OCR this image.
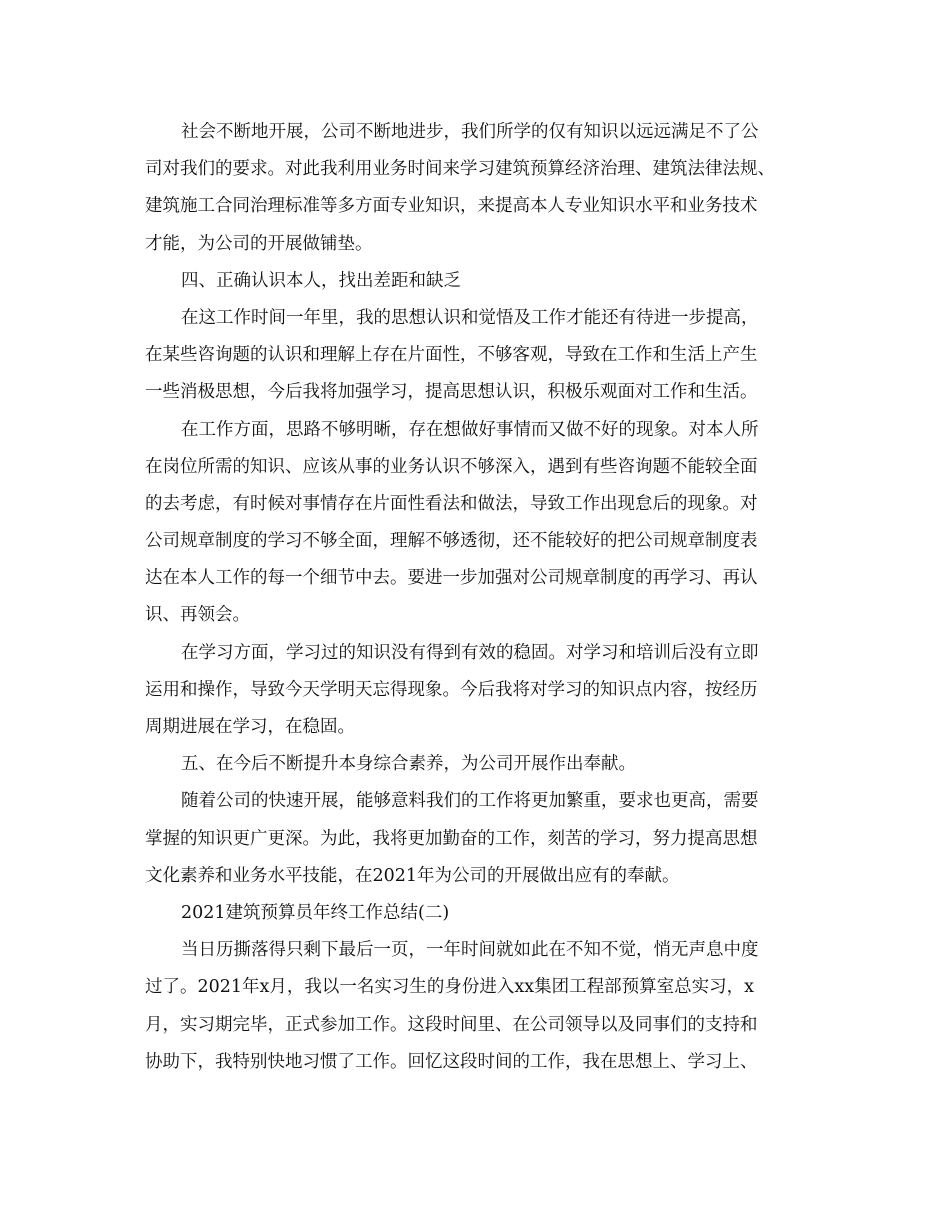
社会不断地开展，公司不断地进步，我们所学的仅有知识以远远满足不了公
司对我们的要求。对此我利用业务时间来学习建筑预算经济治理、建筑法律法规、
建筑施工合同治理标准等多方面专业知识，来提高本人专业知识水平和业务技术
才能，为公司的开展做铺垫。
四、正确认识本人，找出差距和缺乏
在这工作时间一年里，我的思想认识和觉悟及工作才能还有待进一步提高，
在某些咨询题的认识和理解上存在片面性，不够客观，导致在工作和生活上产生
一些消极思想，今后我将加强学习，提高思想认识，积极乐观面对工作和生活。
在工作方面，思路不够明晰，存在想做好事情而又做不好的现象。对本人所
在岗位所需的知识、应该从事的业务认识不够深入，遇到有些咨询题不能较全面
的去考虑，有时候对事情存在片面性看法和做法，导致工作出现怠后的现象。对
公司规章制度的学习不够全面，理解不够透彻，还不能较好的把公司规章制度表
达在本人工作的每一个细节中去。要进一步加强对公司规章制度的再学习、再认
识、再领会。
在学习方面，学习过的知识没有得到有效的稳固。对学习和培训后没有立即
运用和操作，导致今天学明天忘得现象。今后我将对学习的知识点内容，按经历
周期进展在学习，在稳固。
五、在今后不断提升本身综合素养，为公司开展作出奉献。
随着公司的快速开展，能够意料我们的工作将更加繁重，要求也更高，需要
掌握的知识更广更深。为此，我将更加勤奋的工作，刻苦的学习，努力提高思想
文化素养和业务水平技能，在2021年为公司的开展做出应有的奉献。
2021建筑预算员年终工作总结(二)
当日历撕落得只剩下最后一页，一年时间就如此在不知不觉，悄无声息中度
过了。2021年x月，我以一名实习生的身份进入xx集团工程部预算室总实习，x
月，实习期完毕，正式参加工作。这段时间里、在公司领导以及同事们的支持和
协助下，我特别快地习惯了工作。回忆这段时间的工作，我在思想上、学习上、
